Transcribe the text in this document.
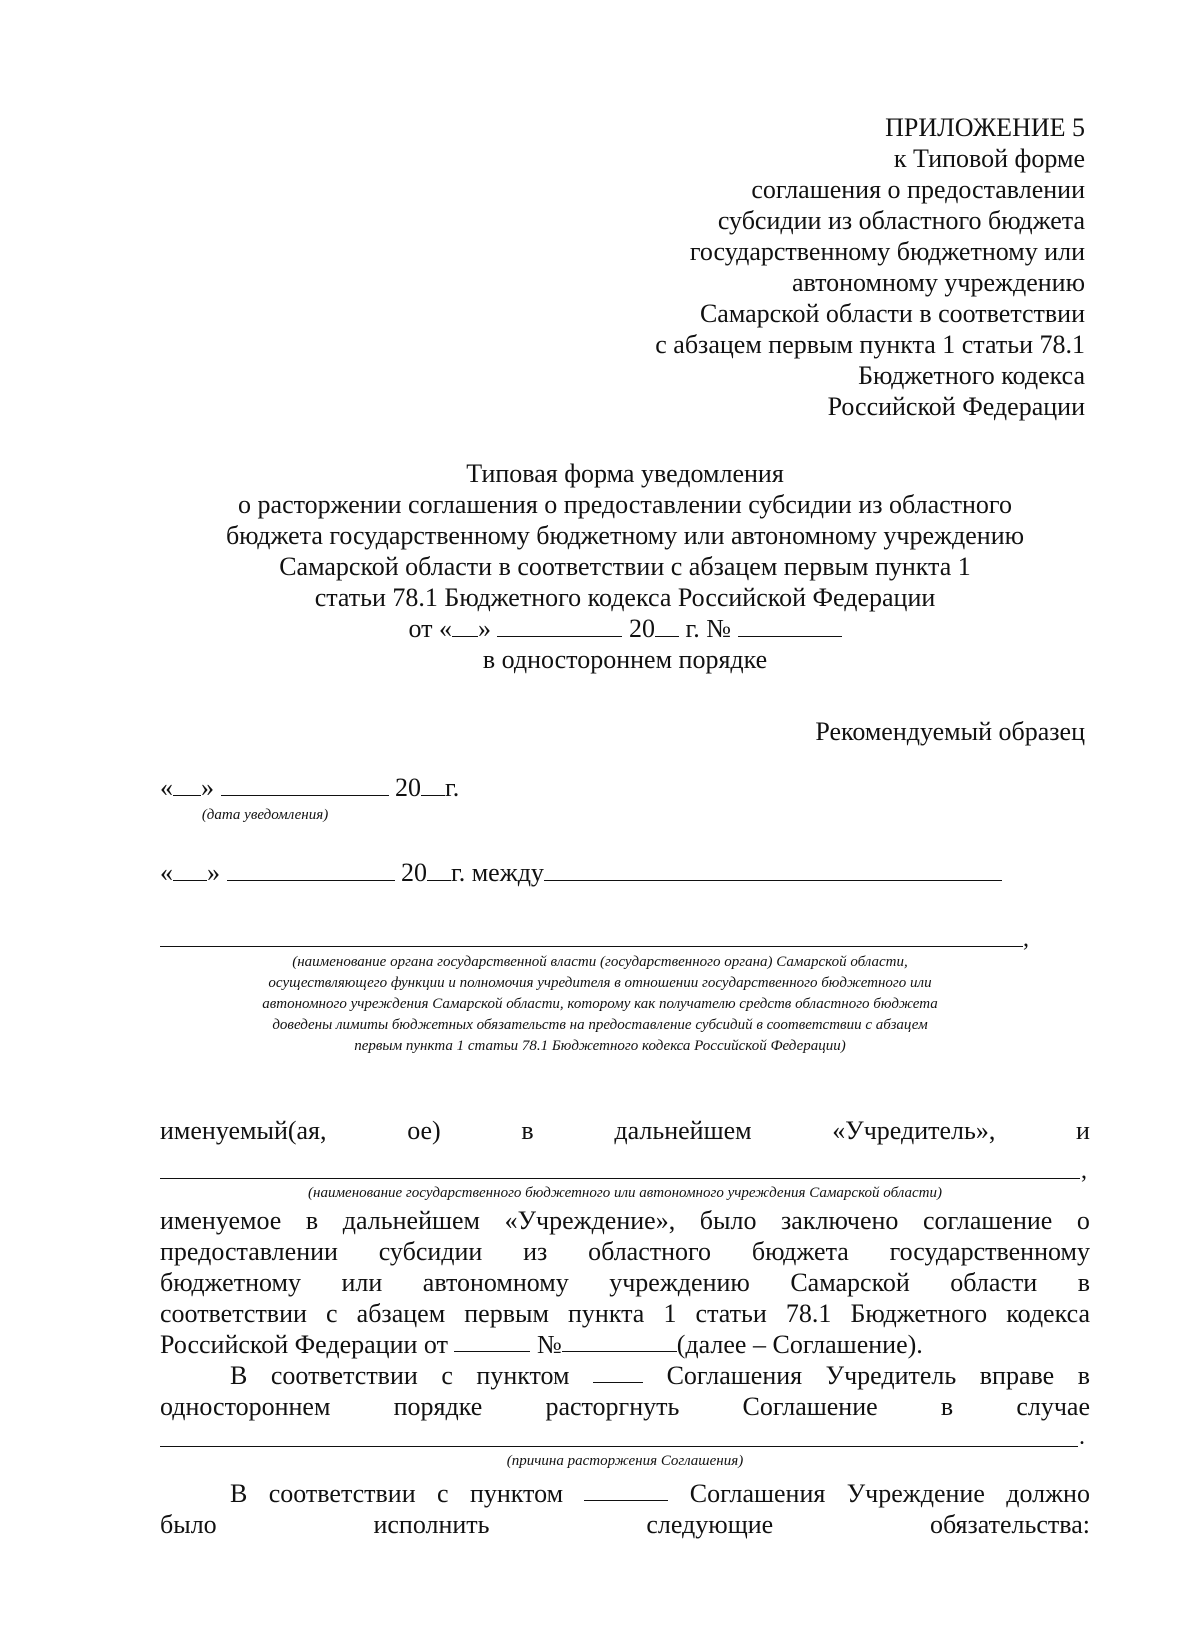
ПРИЛОЖЕНИЕ 5
к Типовой форме
соглашения о предоставлении
субсидии из областного бюджета
государственному бюджетному или
автономному учреждению
Самарской области в соответствии
с абзацем первым пункта 1 статьи 78.1
Бюджетного кодекса
Российской Федерации
Типовая форма уведомления
о расторжении соглашения о предоставлении субсидии из областного
бюджета государственному бюджетному или автономному учреждению
Самарской области в соответствии с абзацем первым пункта 1
статьи 78.1 Бюджетного кодекса Российской Федерации
от « »	20 г. №
в одностороннем порядке
Рекомендуемый образец
« »	20 г.
(дата уведомления)
« »	20 г. между
,
(наименование органа государственной власти (государственного органа) Самарской области,
осуществляющего функции и полномочия учредителя в отношении государственного бюджетного или
автономного учреждения Самарской области, которому как получателю средств областного бюджета
доведены лимиты бюджетных обязательств на предоставление субсидий в соответствии с абзацем
первым пункта 1 статьи 78.1 Бюджетного кодекса Российской Федерации)
именуемый(ая,	ое)	в	дальнейшем	«Учредитель»,	и
,
(наименование государственного бюджетного или автономного учреждения Самарской области)
именуемое в дальнейшем «Учреждение», было заключено соглашение о
предоставлении субсидии из областного бюджета государственному
бюджетному или автономному учреждению Самарской области в
соответствии с абзацем первым пункта 1 статьи 78.1 Бюджетного кодекса
Российской Федерации от

	№	(далее – Соглашение).
В соответствии с пунктом	Соглашения Учредитель вправе в
одностороннем порядке расторгнуть Соглашение в случае
.
(причина расторжения Соглашения)
В соответствии с пунктом	Соглашения Учреждение должно
было	исполнить	следующие	обязательства:
